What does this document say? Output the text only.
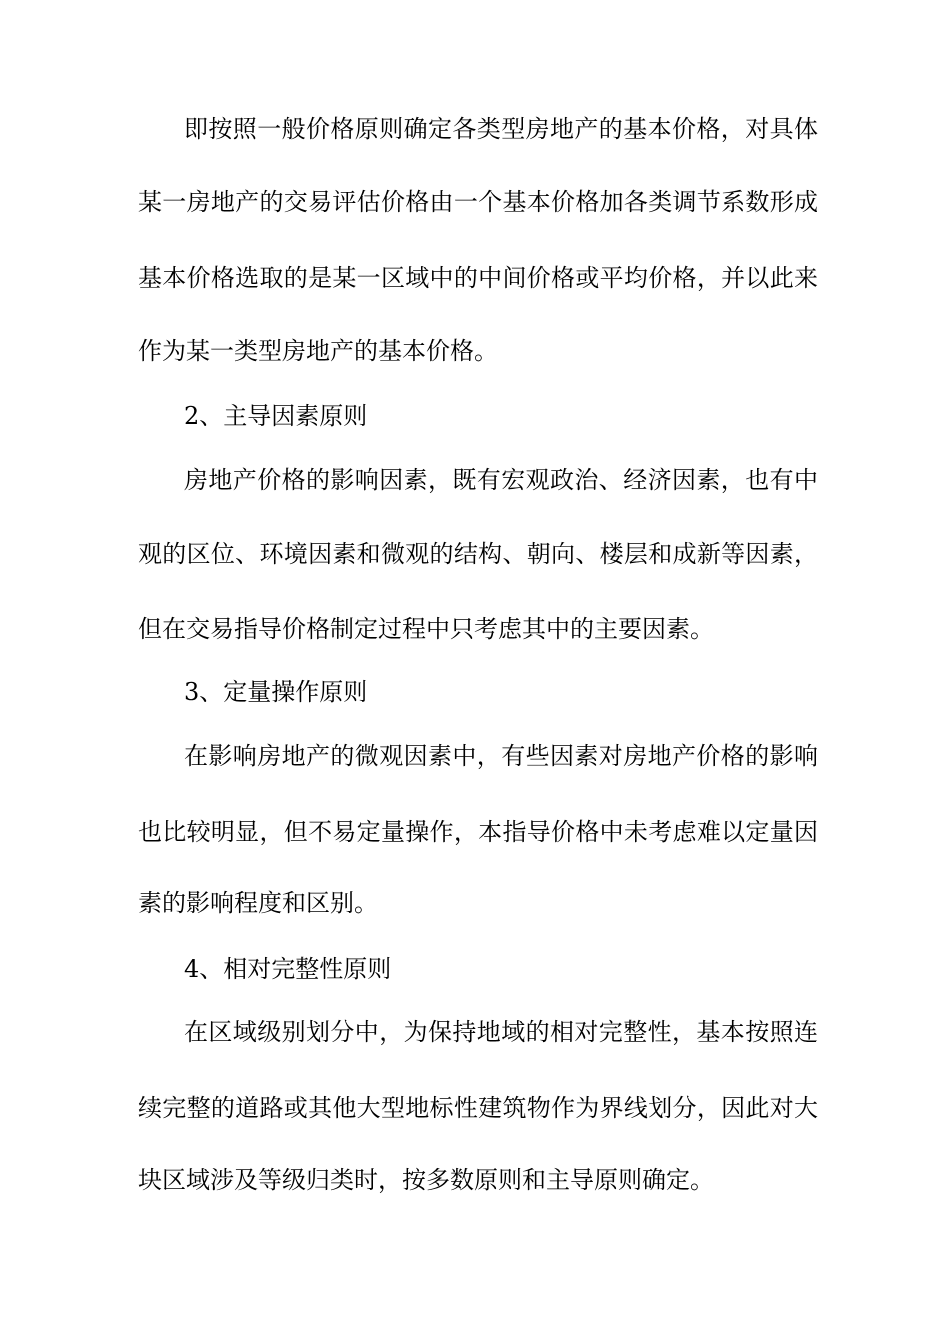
即按照一般价格原则确定各类型房地产的基本价格，对具体
某一房地产的交易评估价格由一个基本价格加各类调节系数形成
基本价格选取的是某一区域中的中间价格或平均价格，并以此来
作为某一类型房地产的基本价格。
2、主导因素原则
房地产价格的影响因素，既有宏观政治、经济因素，也有中
观的区位、环境因素和微观的结构、朝向、楼层和成新等因素，
但在交易指导价格制定过程中只考虑其中的主要因素。
3、定量操作原则
在影响房地产的微观因素中，有些因素对房地产价格的影响
也比较明显，但不易定量操作，本指导价格中未考虑难以定量因
素的影响程度和区别。
4、相对完整性原则
在区域级别划分中，为保持地域的相对完整性，基本按照连
续完整的道路或其他大型地标性建筑物作为界线划分，因此对大
块区域涉及等级归类时，按多数原则和主导原则确定。
